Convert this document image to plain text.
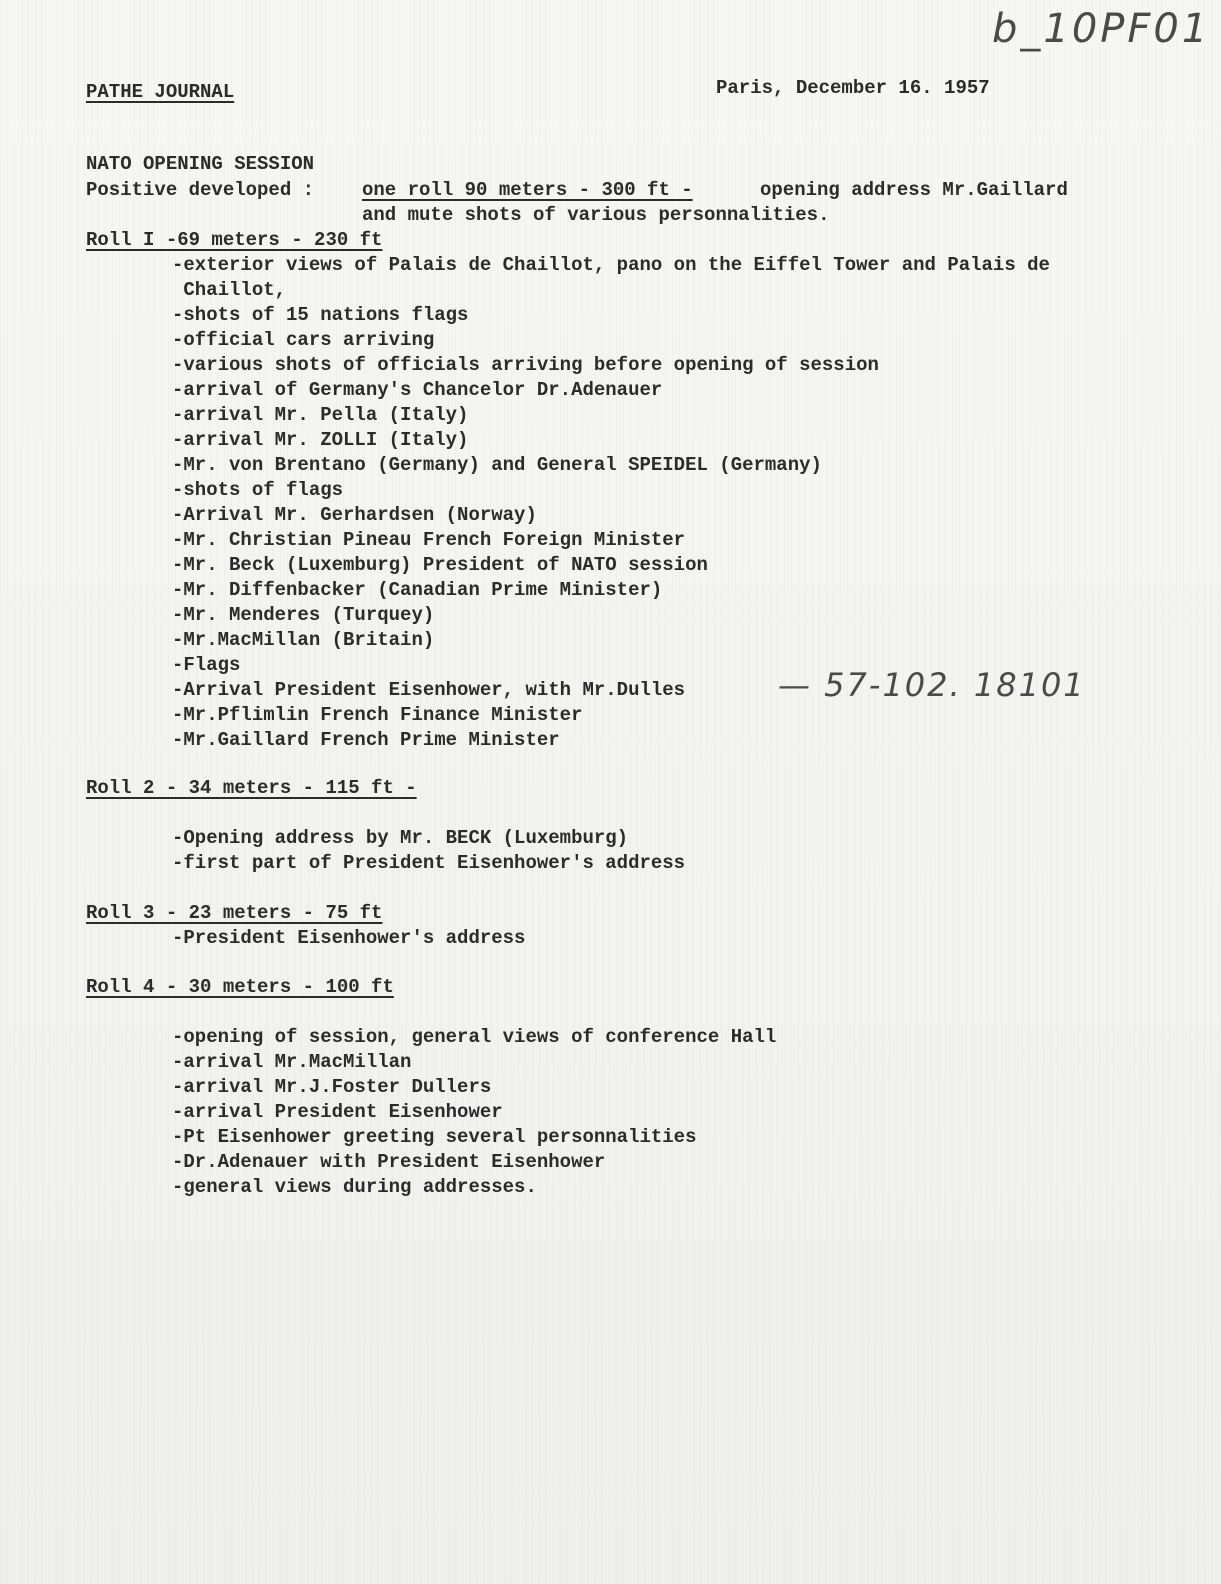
b_10PF01
PATHE JOURNAL	Paris, December 16. 1957
NATO OPENING SESSION
Positive developed :	one roll 90 meters - 300 ft -	opening address Mr.Gaillard
and mute shots of various personnalities.
Roll I -69 meters - 230 ft
-exterior views of Palais de Chaillot, pano on the Eiffel Tower and Palais de
Chaillot,
-shots of 15 nations flags
-official cars arriving
-various shots of officials arriving before opening of session
-arrival of Germany's Chancelor Dr.Adenauer
-arrival Mr. Pella (Italy)
-arrival Mr. ZOLLI (Italy)
-Mr. von Brentano (Germany) and General SPEIDEL (Germany)
-shots of flags
-Arrival Mr. Gerhardsen (Norway)
-Mr. Christian Pineau French Foreign Minister
-Mr. Beck (Luxemburg) President of NATO session
-Mr. Diffenbacker (Canadian Prime Minister)
-Mr. Menderes (Turquey)
-Mr.MacMillan (Britain)
-Flags
-Arrival President Eisenhower, with Mr.Dulles
-Mr.Pflimlin French Finance Minister
-Mr.Gaillard French Prime Minister
— 57-102. 18101
Roll 2 - 34 meters - 115 ft -
-Opening address by Mr. BECK (Luxemburg)
-first part of President Eisenhower's address
Roll 3 - 23 meters - 75 ft
-President Eisenhower's address
Roll 4 - 30 meters - 100 ft
-opening of session, general views of conference Hall
-arrival Mr.MacMillan
-arrival Mr.J.Foster Dullers
-arrival President Eisenhower
-Pt Eisenhower greeting several personnalities
-Dr.Adenauer with President Eisenhower
-general views during addresses.
